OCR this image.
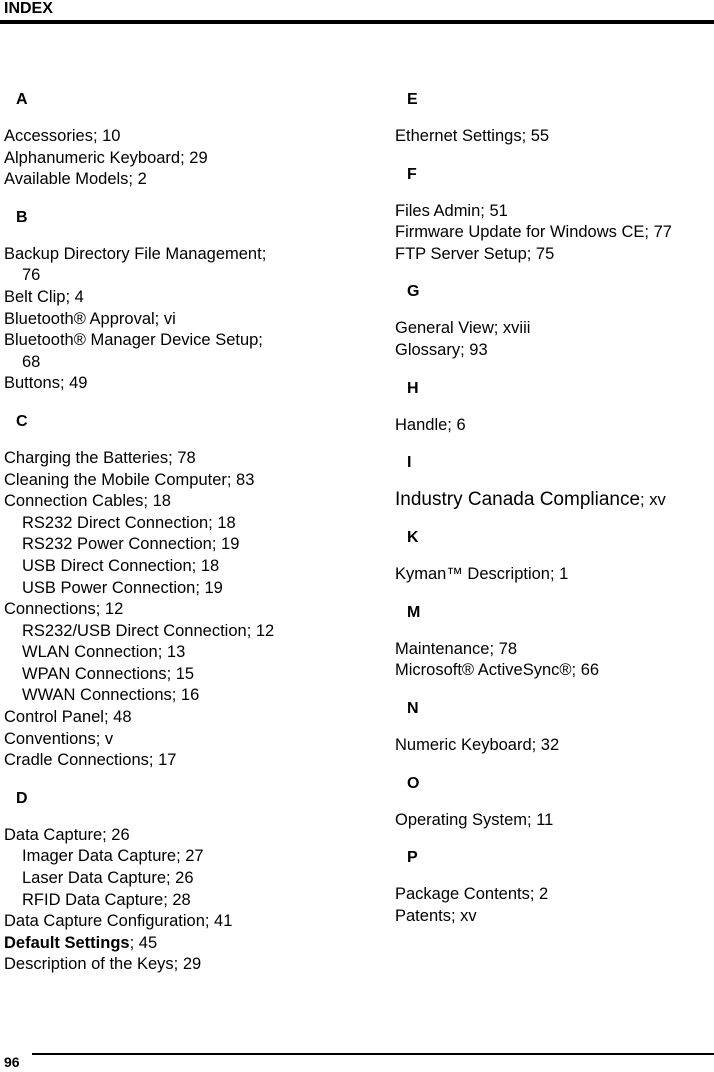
INDEX
A
Accessories; 10
Alphanumeric Keyboard; 29
Available Models; 2
B
Backup Directory File Management;
76
Belt Clip; 4
Bluetooth® Approval; vi
Bluetooth® Manager Device Setup;
68
Buttons; 49
C
Charging the Batteries; 78
Cleaning the Mobile Computer; 83
Connection Cables; 18
RS232 Direct Connection; 18
RS232 Power Connection; 19
USB Direct Connection; 18
USB Power Connection; 19
Connections; 12
RS232/USB Direct Connection; 12
WLAN Connection; 13
WPAN Connections; 15
WWAN Connections; 16
Control Panel; 48
Conventions; v
Cradle Connections; 17
D
Data Capture; 26
Imager Data Capture; 27
Laser Data Capture; 26
RFID Data Capture; 28
Data Capture Configuration; 41
Default Settings; 45
Description of the Keys; 29
E
Ethernet Settings; 55
F
Files Admin; 51
Firmware Update for Windows CE; 77
FTP Server Setup; 75
G
General View; xviii
Glossary; 93
H
Handle; 6
I
Industry Canada Compliance; xv
K
Kyman™ Description; 1
M
Maintenance; 78
Microsoft® ActiveSync®; 66
N
Numeric Keyboard; 32
O
Operating System; 11
P
Package Contents; 2
Patents; xv
96
